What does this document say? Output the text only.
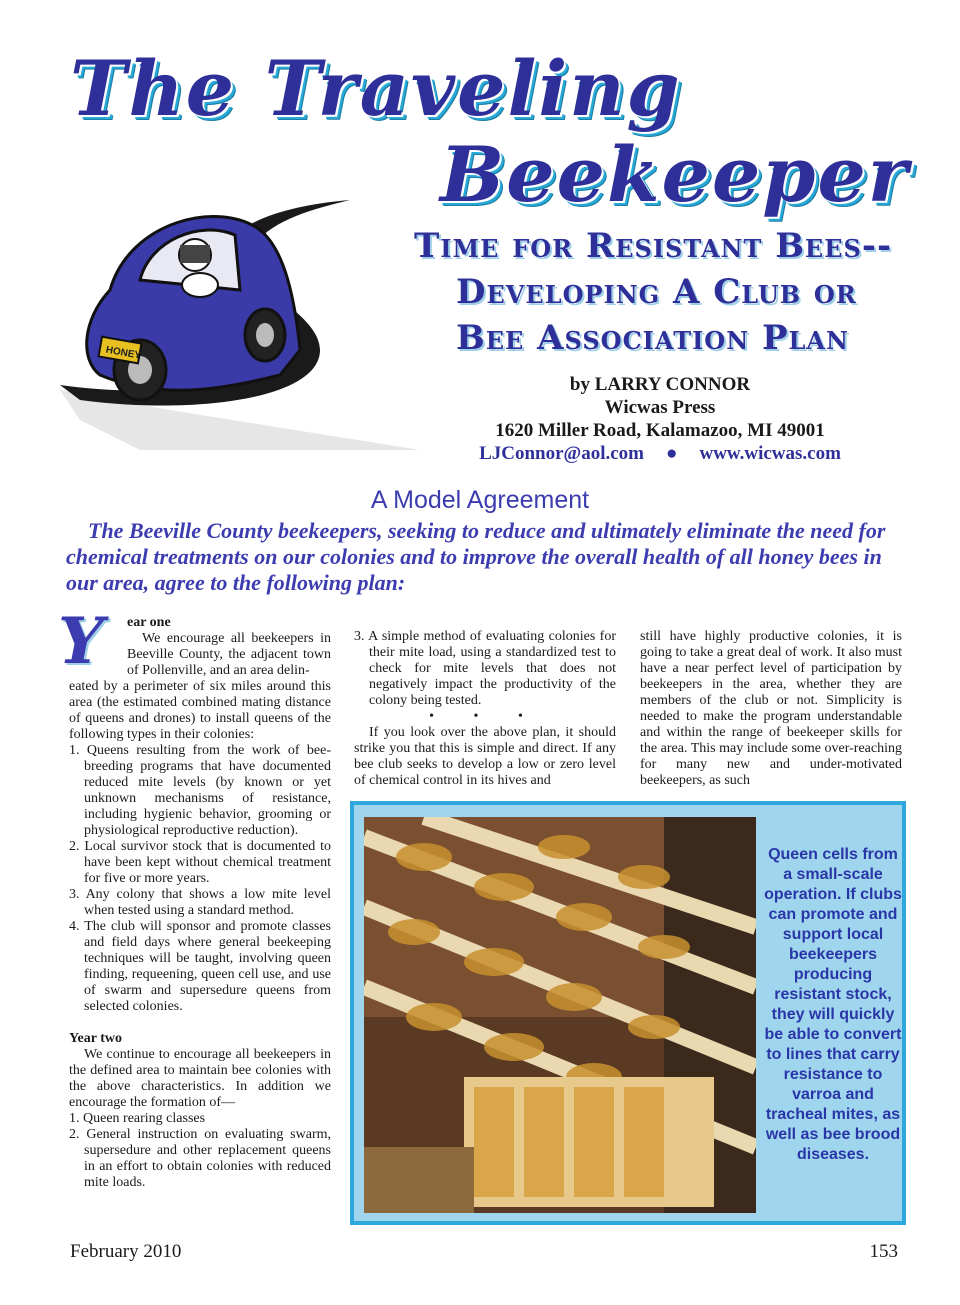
The Traveling
Beekeeper
HONEY
Time for Resistant Bees--
Developing A Club or
Bee Association Plan
by LARRY CONNOR
Wicwas Press
1620 Miller Road, Kalamazoo, MI 49001
LJConnor@aol.com ● www.wicwas.com
A Model Agreement
The Beeville County beekeepers, seeking to reduce and ultimately eliminate the need for chemical treatments on our colonies and to improve the overall health of all honey bees in our area, agree to the following plan:
Y ear one

We encourage all beekeepers in Beeville County, the adjacent town of Pollenville, and an area delin-

eated by a perimeter of six miles around this area (the estimated combined mating distance of queens and drones) to install queens of the following types in their colonies:

1. Queens resulting from the work of bee-breeding programs that have documented reduced mite levels (by known or yet unknown mechanisms of resistance, including hygienic behavior, grooming or physiological reproductive reduction).
2. Local survivor stock that is documented to have been kept without chemical treatment for five or more years.
3. Any colony that shows a low mite level when tested using a standard method.
4. The club will sponsor and promote classes and field days where general beekeeping techniques will be taught, involving queen finding, requeening, queen cell use, and use of swarm and supersedure queens from selected colonies.

Year two

We continue to encourage all beekeepers in the defined area to maintain bee colonies with the above characteristics. In addition we encourage the formation of—

1. Queen rearing classes
2. General instruction on evaluating swarm, supersedure and other replacement queens in an effort to obtain colonies with reduced mite loads.
3. A simple method of evaluating colonies for their mite load, using a standardized test to check for mite levels that does not negatively impact the productivity of the colony being tested.

• • •

If you look over the above plan, it should strike you that this is simple and direct. If any bee club seeks to develop a low or zero level of chemical control in its hives and

still have highly productive colonies, it is going to take a great deal of work. It also must have a near perfect level of participation by beekeepers in the area, whether they are members of the club or not. Simplicity is needed to make the program understandable and within the range of beekeeper skills for the area. This may include some over-reaching for many new and under-motivated beekeepers, as such

Queen cells from a small-scale operation. If clubs can promote and support local beekeepers producing resistant stock, they will quickly be able to convert to lines that carry resistance to varroa and tracheal mites, as well as bee brood diseases.
February 2010	153
